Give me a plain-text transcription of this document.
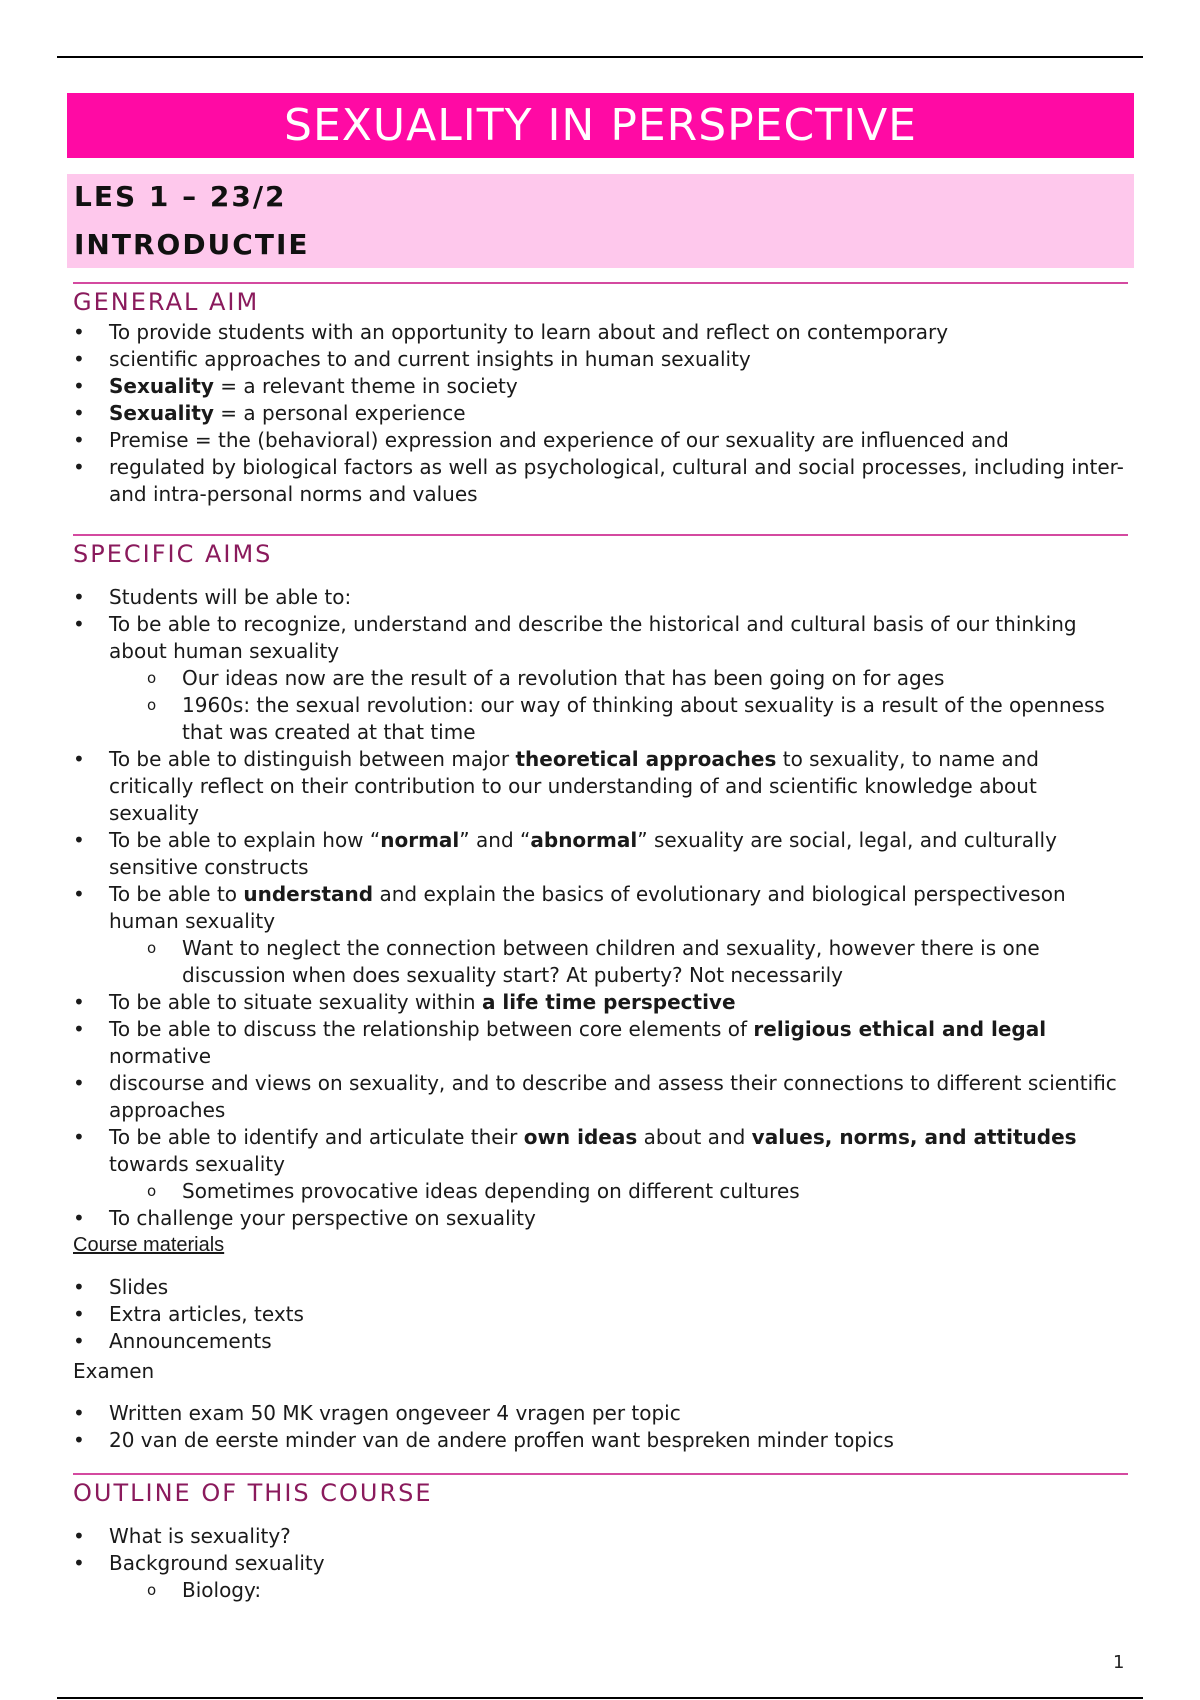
SEXUALITY IN PERSPECTIVE
LES 1 – 23/2
INTRODUCTIE
GENERAL AIM
• To provide students with an opportunity to learn about and reflect on contemporary
• scientific approaches to and current insights in human sexuality
• Sexuality = a relevant theme in society
• Sexuality = a personal experience
• Premise = the (behavioral) expression and experience of our sexuality are influenced and
• regulated by biological factors as well as psychological, cultural and social processes, including inter- and intra-personal norms and values
SPECIFIC AIMS
• Students will be able to:
• To be able to recognize, understand and describe the historical and cultural basis of our thinking about human sexuality
o Our ideas now are the result of a revolution that has been going on for ages
o 1960s: the sexual revolution: our way of thinking about sexuality is a result of the openness that was created at that time
• To be able to distinguish between major theoretical approaches to sexuality, to name and critically reflect on their contribution to our understanding of and scientific knowledge about sexuality
• To be able to explain how “normal” and “abnormal” sexuality are social, legal, and culturally sensitive constructs
• To be able to understand and explain the basics of evolutionary and biological perspectiveson human sexuality
o Want to neglect the connection between children and sexuality, however there is one discussion when does sexuality start? At puberty? Not necessarily
• To be able to situate sexuality within a life time perspective
• To be able to discuss the relationship between core elements of religious ethical and legal normative
• discourse and views on sexuality, and to describe and assess their connections to different scientific approaches
• To be able to identify and articulate their own ideas about and values, norms, and attitudes towards sexuality
o Sometimes provocative ideas depending on different cultures
• To challenge your perspective on sexuality
Course materials
• Slides
• Extra articles, texts
• Announcements
Examen
• Written exam 50 MK vragen ongeveer 4 vragen per topic
• 20 van de eerste minder van de andere proffen want bespreken minder topics
OUTLINE OF THIS COURSE
• What is sexuality?
• Background sexuality
o Biology:
1
